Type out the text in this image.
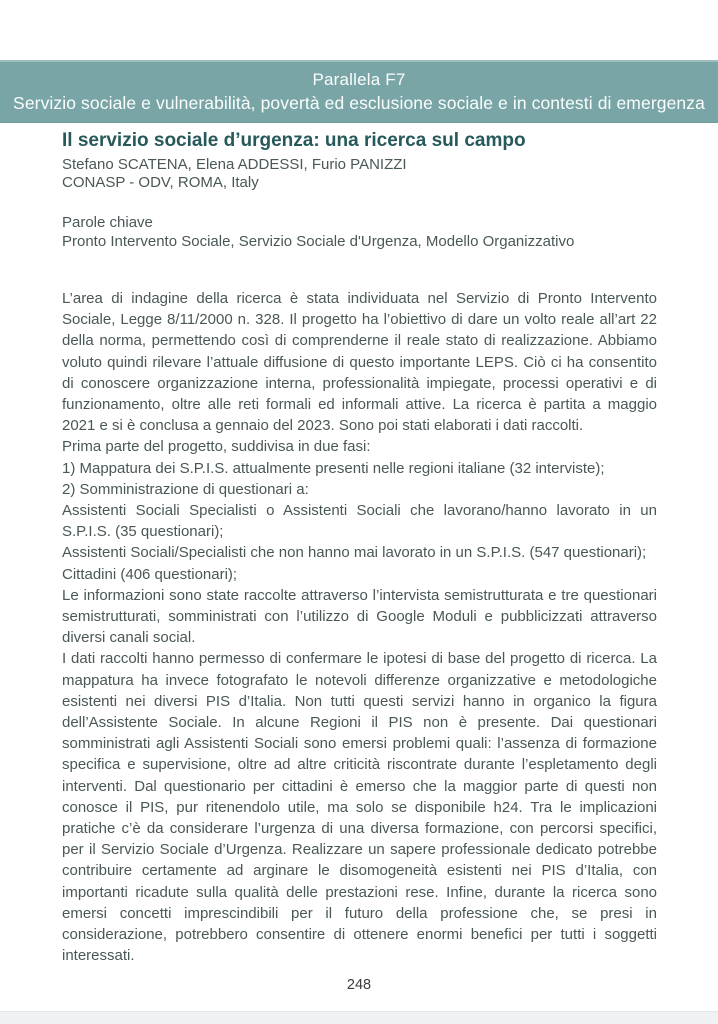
Parallela F7
Servizio sociale e vulnerabilità, povertà ed esclusione sociale e in contesti di emergenza
Il servizio sociale d’urgenza: una ricerca sul campo
Stefano SCATENA, Elena ADDESSI, Furio PANIZZI
CONASP - ODV, ROMA, Italy
Parole chiave
Pronto Intervento Sociale, Servizio Sociale d'Urgenza, Modello Organizzativo

L’area di indagine della ricerca è stata individuata nel Servizio di Pronto Intervento Sociale, Legge 8/11/2000 n. 328. Il progetto ha l’obiettivo di dare un volto reale all’art 22 della norma, permettendo così di comprenderne il reale stato di realizzazione. Abbiamo voluto quindi rilevare l’attuale diffusione di questo importante LEPS. Ciò ci ha consentito di conoscere organizzazione interna, professionalità impiegate, processi operativi e di funzionamento, oltre alle reti formali ed informali attive. La ricerca è partita a maggio 2021 e si è conclusa a gennaio del 2023. Sono poi stati elaborati i dati raccolti.

Prima parte del progetto, suddivisa in due fasi:

1) Mappatura dei S.P.I.S. attualmente presenti nelle regioni italiane (32 interviste);

2) Somministrazione di questionari a:

Assistenti Sociali Specialisti o Assistenti Sociali che lavorano/hanno lavorato in un S.P.I.S. (35 questionari);

Assistenti Sociali/Specialisti che non hanno mai lavorato in un S.P.I.S. (547 questionari);

Cittadini (406 questionari);

Le informazioni sono state raccolte attraverso l’intervista semistrutturata e tre questionari semistrutturati, somministrati con l’utilizzo di Google Moduli e pubblicizzati attraverso diversi canali social.

I dati raccolti hanno permesso di confermare le ipotesi di base del progetto di ricerca. La mappatura ha invece fotografato le notevoli differenze organizzative e metodologiche esistenti nei diversi PIS d’Italia. Non tutti questi servizi hanno in organico la figura dell’Assistente Sociale. In alcune Regioni il PIS non è presente. Dai questionari somministrati agli Assistenti Sociali sono emersi problemi quali: l’assenza di formazione specifica e supervisione, oltre ad altre criticità riscontrate durante l’espletamento degli interventi. Dal questionario per cittadini è emerso che la maggior parte di questi non conosce il PIS, pur ritenendolo utile, ma solo se disponibile h24. Tra le implicazioni pratiche c’è da considerare l’urgenza di una diversa formazione, con percorsi specifici, per il Servizio Sociale d’Urgenza. Realizzare un sapere professionale dedicato potrebbe contribuire certamente ad arginare le disomogeneità esistenti nei PIS d’Italia, con importanti ricadute sulla qualità delle prestazioni rese. Infine, durante la ricerca sono emersi concetti imprescindibili per il futuro della professione che, se presi in considerazione, potrebbero consentire di ottenere enormi benefici per tutti i soggetti interessati.

248
